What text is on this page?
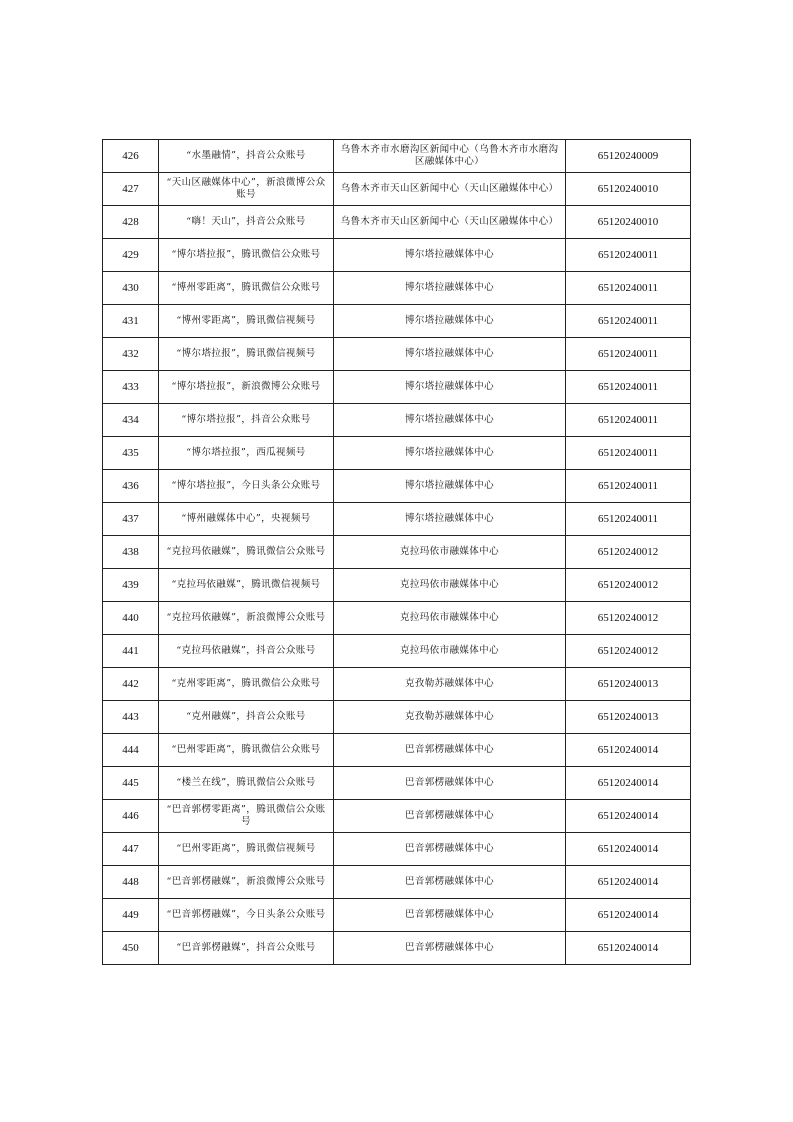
426	“水墨融情”，抖音公众账号	乌鲁木齐市水磨沟区新闻中心（乌鲁木齐市水磨沟区融媒体中心）	65120240009
427	“天山区融媒体中心”，新浪微博公众账号	乌鲁木齐市天山区新闻中心（天山区融媒体中心）	65120240010
428	“嗨！天山”，抖音公众账号	乌鲁木齐市天山区新闻中心（天山区融媒体中心）	65120240010
429	“博尔塔拉报”，腾讯微信公众账号	博尔塔拉融媒体中心	65120240011
430	“博州零距离”，腾讯微信公众账号	博尔塔拉融媒体中心	65120240011
431	“博州零距离”，腾讯微信视频号	博尔塔拉融媒体中心	65120240011
432	“博尔塔拉报”，腾讯微信视频号	博尔塔拉融媒体中心	65120240011
433	“博尔塔拉报”，新浪微博公众账号	博尔塔拉融媒体中心	65120240011
434	“博尔塔拉报”，抖音公众账号	博尔塔拉融媒体中心	65120240011
435	“博尔塔拉报”，西瓜视频号	博尔塔拉融媒体中心	65120240011
436	“博尔塔拉报”，今日头条公众账号	博尔塔拉融媒体中心	65120240011
437	“博州融媒体中心”，央视频号	博尔塔拉融媒体中心	65120240011
438	“克拉玛依融媒”，腾讯微信公众账号	克拉玛依市融媒体中心	65120240012
439	“克拉玛依融媒”，腾讯微信视频号	克拉玛依市融媒体中心	65120240012
440	“克拉玛依融媒”，新浪微博公众账号	克拉玛依市融媒体中心	65120240012
441	“克拉玛依融媒”，抖音公众账号	克拉玛依市融媒体中心	65120240012
442	“克州零距离”，腾讯微信公众账号	克孜勒苏融媒体中心	65120240013
443	“克州融媒”，抖音公众账号	克孜勒苏融媒体中心	65120240013
444	“巴州零距离”，腾讯微信公众账号	巴音郭楞融媒体中心	65120240014
445	“楼兰在线”，腾讯微信公众账号	巴音郭楞融媒体中心	65120240014
446	“巴音郭楞零距离”，腾讯微信公众账号	巴音郭楞融媒体中心	65120240014
447	“巴州零距离”，腾讯微信视频号	巴音郭楞融媒体中心	65120240014
448	“巴音郭楞融媒”，新浪微博公众账号	巴音郭楞融媒体中心	65120240014
449	“巴音郭楞融媒”，今日头条公众账号	巴音郭楞融媒体中心	65120240014
450	“巴音郭楞融媒”，抖音公众账号	巴音郭楞融媒体中心	65120240014
